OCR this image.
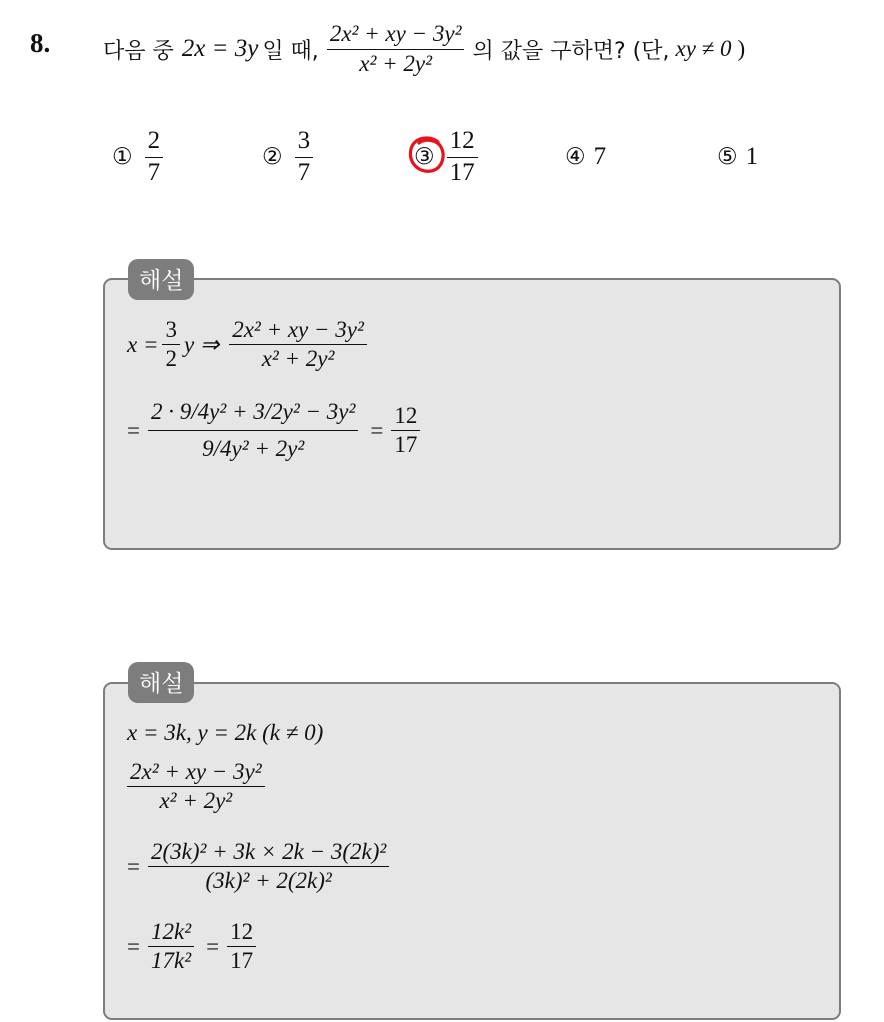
8. 다음 중 2x = 3y 일 때, $\frac{\text{2x² + xy − 3y²}}{\text{x² + 2y²}}$ 의 값을 구하면? (단, xy ≠ 0 )
① $\frac{2}{7}$	② $\frac{3}{7}$	③ $\frac{12}{17}$	④ 7	⑤ 1
해설
$x = \frac{3}{2}$ y ⇒ $\frac{\text{2x² + xy − 3y²}}{\text{x² + 2y²}}$
= $\frac{\text{2 · 9/4y² + 3/2y² − 3y²}}{\text{9/4y² + 2y²}} = \frac{12}{17}$
해설
x = 3k, y = 2k (k ≠ 0)
$\frac{\text{2x² + xy − 3y²}}{\text{x² + 2y²}}$
= $\frac{\text{2(3k)² + 3k × 2k − 3(2k)²}}{\text{(3k)² + 2(2k)²}}$
= $\frac{\text{12k²}}{\text{17k²}} = \frac{12}{17}$
